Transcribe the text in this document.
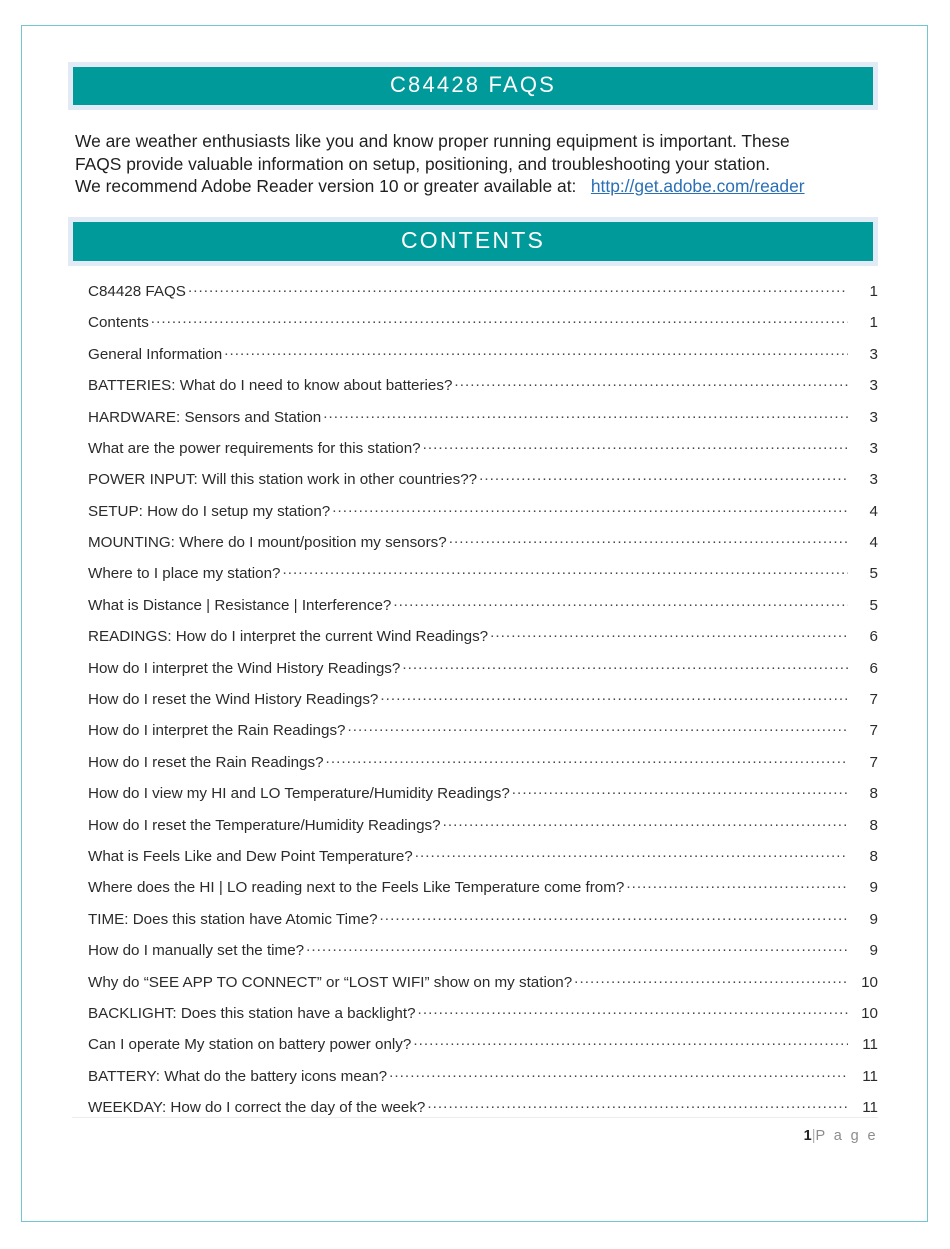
C84428 FAQS

We are weather enthusiasts like you and know proper running equipment is important. These
FAQS provide valuable information on setup, positioning, and troubleshooting your station.
We recommend Adobe Reader version 10 or greater available at: http://get.adobe.com/reader

CONTENTS
C84428 FAQS .....	1
Contents .....	1
General Information .....	3
BATTERIES: What do I need to know about batteries? .....	3
HARDWARE: Sensors and Station .....	3
What are the power requirements for this station? .....	3
POWER INPUT: Will this station work in other countries?? .....	3
SETUP: How do I setup my station? .....	4
MOUNTING: Where do I mount/position my sensors? .....	4
Where to I place my station? .....	5
What is Distance | Resistance | Interference? .....	5
READINGS: How do I interpret the current Wind Readings? .....	6
How do I interpret the Wind History Readings? .....	6
How do I reset the Wind History Readings? .....	7
How do I interpret the Rain Readings? .....	7
How do I reset the Rain Readings? .....	7
How do I view my HI and LO Temperature/Humidity Readings? .....	8
How do I reset the Temperature/Humidity Readings? .....	8
What is Feels Like and Dew Point Temperature? .....	8
Where does the HI | LO reading next to the Feels Like Temperature come from? .....	9
TIME: Does this station have Atomic Time? .....	9
How do I manually set the time? .....	9
Why do “SEE APP TO CONNECT” or “LOST WIFI” show on my station? .....	10
BACKLIGHT: Does this station have a backlight? .....	10
Can I operate My station on battery power only? .....	11
BATTERY: What do the battery icons mean? .....	11
WEEKDAY: How do I correct the day of the week? .....	11
1|P a g e
